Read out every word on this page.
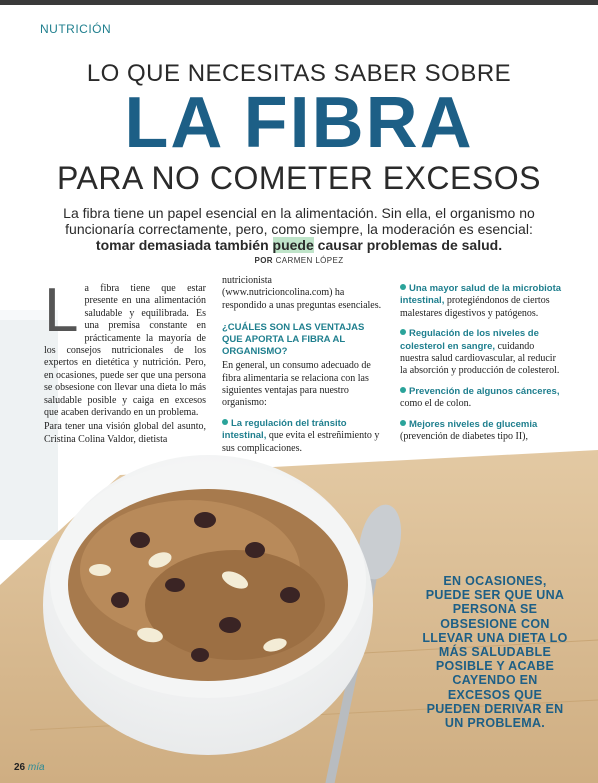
NUTRICIÓN
LO QUE NECESITAS SABER SOBRE
LA FIBRA
PARA NO COMETER EXCESOS
La fibra tiene un papel esencial en la alimentación. Sin ella, el organismo no funcionaría correctamente, pero, como siempre, la moderación es esencial: tomar demasiada también puede causar problemas de salud.
POR CARMEN LÓPEZ
L a fibra tiene que estar presente en una alimentación saludable y equilibrada. Es una premisa constante en prácticamente la mayoría de los consejos nutricionales de los expertos en dietética y nutrición. Pero, en ocasiones, puede ser que una persona se obsesione con llevar una dieta lo más saludable posible y caiga en excesos que acaben derivando en un problema.

Para tener una visión global del asunto, Cristina Colina Valdor, dietista

nutricionista (www.nutricioncolina.com) ha respondido a unas preguntas esenciales.
¿CUÁLES SON LAS VENTAJAS QUE APORTA LA FIBRA AL ORGANISMO?
En general, un consumo adecuado de fibra alimentaria se relaciona con las siguientes ventajas para nuestro organismo:
La regulación del tránsito intestinal, que evita el estreñimiento y sus complicaciones.
Una mayor salud de la microbiota intestinal, protegiéndonos de ciertos malestares digestivos y patógenos.
Regulación de los niveles de colesterol en sangre, cuidando nuestra salud cardiovascular, al reducir la absorción y producción de colesterol.
Prevención de algunos cánceres, como el de colon.
Mejores niveles de glucemia (prevención de diabetes tipo II),
EN OCASIONES, PUEDE SER QUE UNA PERSONA SE OBSESIONE CON LLEVAR UNA DIETA LO MÁS SALUDABLE POSIBLE Y ACABE CAYENDO EN EXCESOS QUE PUEDEN DERIVAR EN UN PROBLEMA.
26 mía
